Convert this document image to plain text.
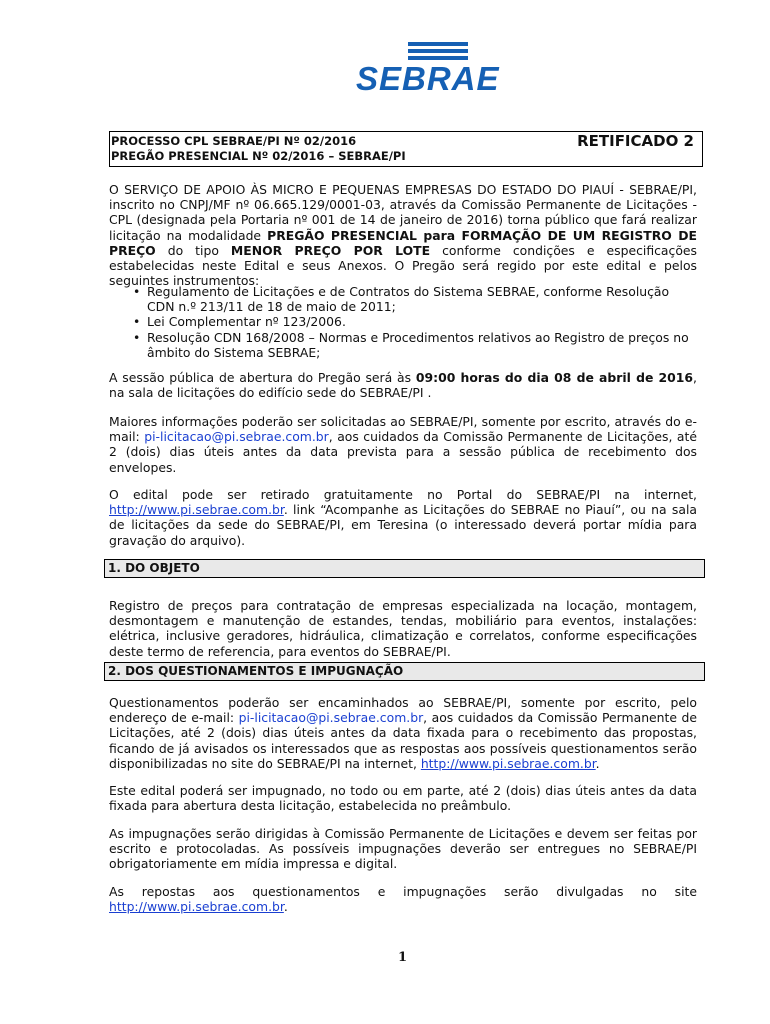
SEBRAE
PROCESSO CPL SEBRAE/PI Nº 02/2016
PREGÃO PRESENCIAL Nº 02/2016 – SEBRAE/PI
RETIFICADO 2
O SERVIÇO DE APOIO ÀS MICRO E PEQUENAS EMPRESAS DO ESTADO DO PIAUÍ - SEBRAE/PI, inscrito no CNPJ/MF nº 06.665.129/0001-03, através da Comissão Permanente de Licitações - CPL (designada pela Portaria nº 001 de 14 de janeiro de 2016) torna público que fará realizar licitação na modalidade PREGÃO PRESENCIAL para FORMAÇÃO DE UM REGISTRO DE PREÇO do tipo MENOR PREÇO POR LOTE conforme condições e especificações estabelecidas neste Edital e seus Anexos. O Pregão será regido por este edital e pelos seguintes instrumentos:
• Regulamento de Licitações e de Contratos do Sistema SEBRAE, conforme Resolução CDN n.º 213/11 de 18 de maio de 2011;
• Lei Complementar nº 123/2006.
• Resolução CDN 168/2008 – Normas e Procedimentos relativos ao Registro de preços no âmbito do Sistema SEBRAE;
A sessão pública de abertura do Pregão será às 09:00 horas do dia 08 de abril de 2016, na sala de licitações do edifício sede do SEBRAE/PI .
Maiores informações poderão ser solicitadas ao SEBRAE/PI, somente por escrito, através do e-mail: pi-licitacao@pi.sebrae.com.br, aos cuidados da Comissão Permanente de Licitações, até 2 (dois) dias úteis antes da data prevista para a sessão pública de recebimento dos envelopes.
O edital pode ser retirado gratuitamente no Portal do SEBRAE/PI na internet, http://www.pi.sebrae.com.br. link “Acompanhe as Licitações do SEBRAE no Piauí”, ou na sala de licitações da sede do SEBRAE/PI, em Teresina (o interessado deverá portar mídia para gravação do arquivo).
1. DO OBJETO
Registro de preços para contratação de empresas especializada na locação, montagem, desmontagem e manutenção de estandes, tendas, mobiliário para eventos, instalações: elétrica, inclusive geradores, hidráulica, climatização e correlatos, conforme especificações deste termo de referencia, para eventos do SEBRAE/PI.
2. DOS QUESTIONAMENTOS E IMPUGNAÇÃO
Questionamentos poderão ser encaminhados ao SEBRAE/PI, somente por escrito, pelo endereço de e-mail: pi-licitacao@pi.sebrae.com.br, aos cuidados da Comissão Permanente de Licitações, até 2 (dois) dias úteis antes da data fixada para o recebimento das propostas, ficando de já avisados os interessados que as respostas aos possíveis questionamentos serão disponibilizadas no site do SEBRAE/PI na internet, http://www.pi.sebrae.com.br.
Este edital poderá ser impugnado, no todo ou em parte, até 2 (dois) dias úteis antes da data fixada para abertura desta licitação, estabelecida no preâmbulo.
As impugnações serão dirigidas à Comissão Permanente de Licitações e devem ser feitas por escrito e protocoladas. As possíveis impugnações deverão ser entregues no SEBRAE/PI obrigatoriamente em mídia impressa e digital.
As repostas aos questionamentos e impugnações serão divulgadas no site http://www.pi.sebrae.com.br.
1
